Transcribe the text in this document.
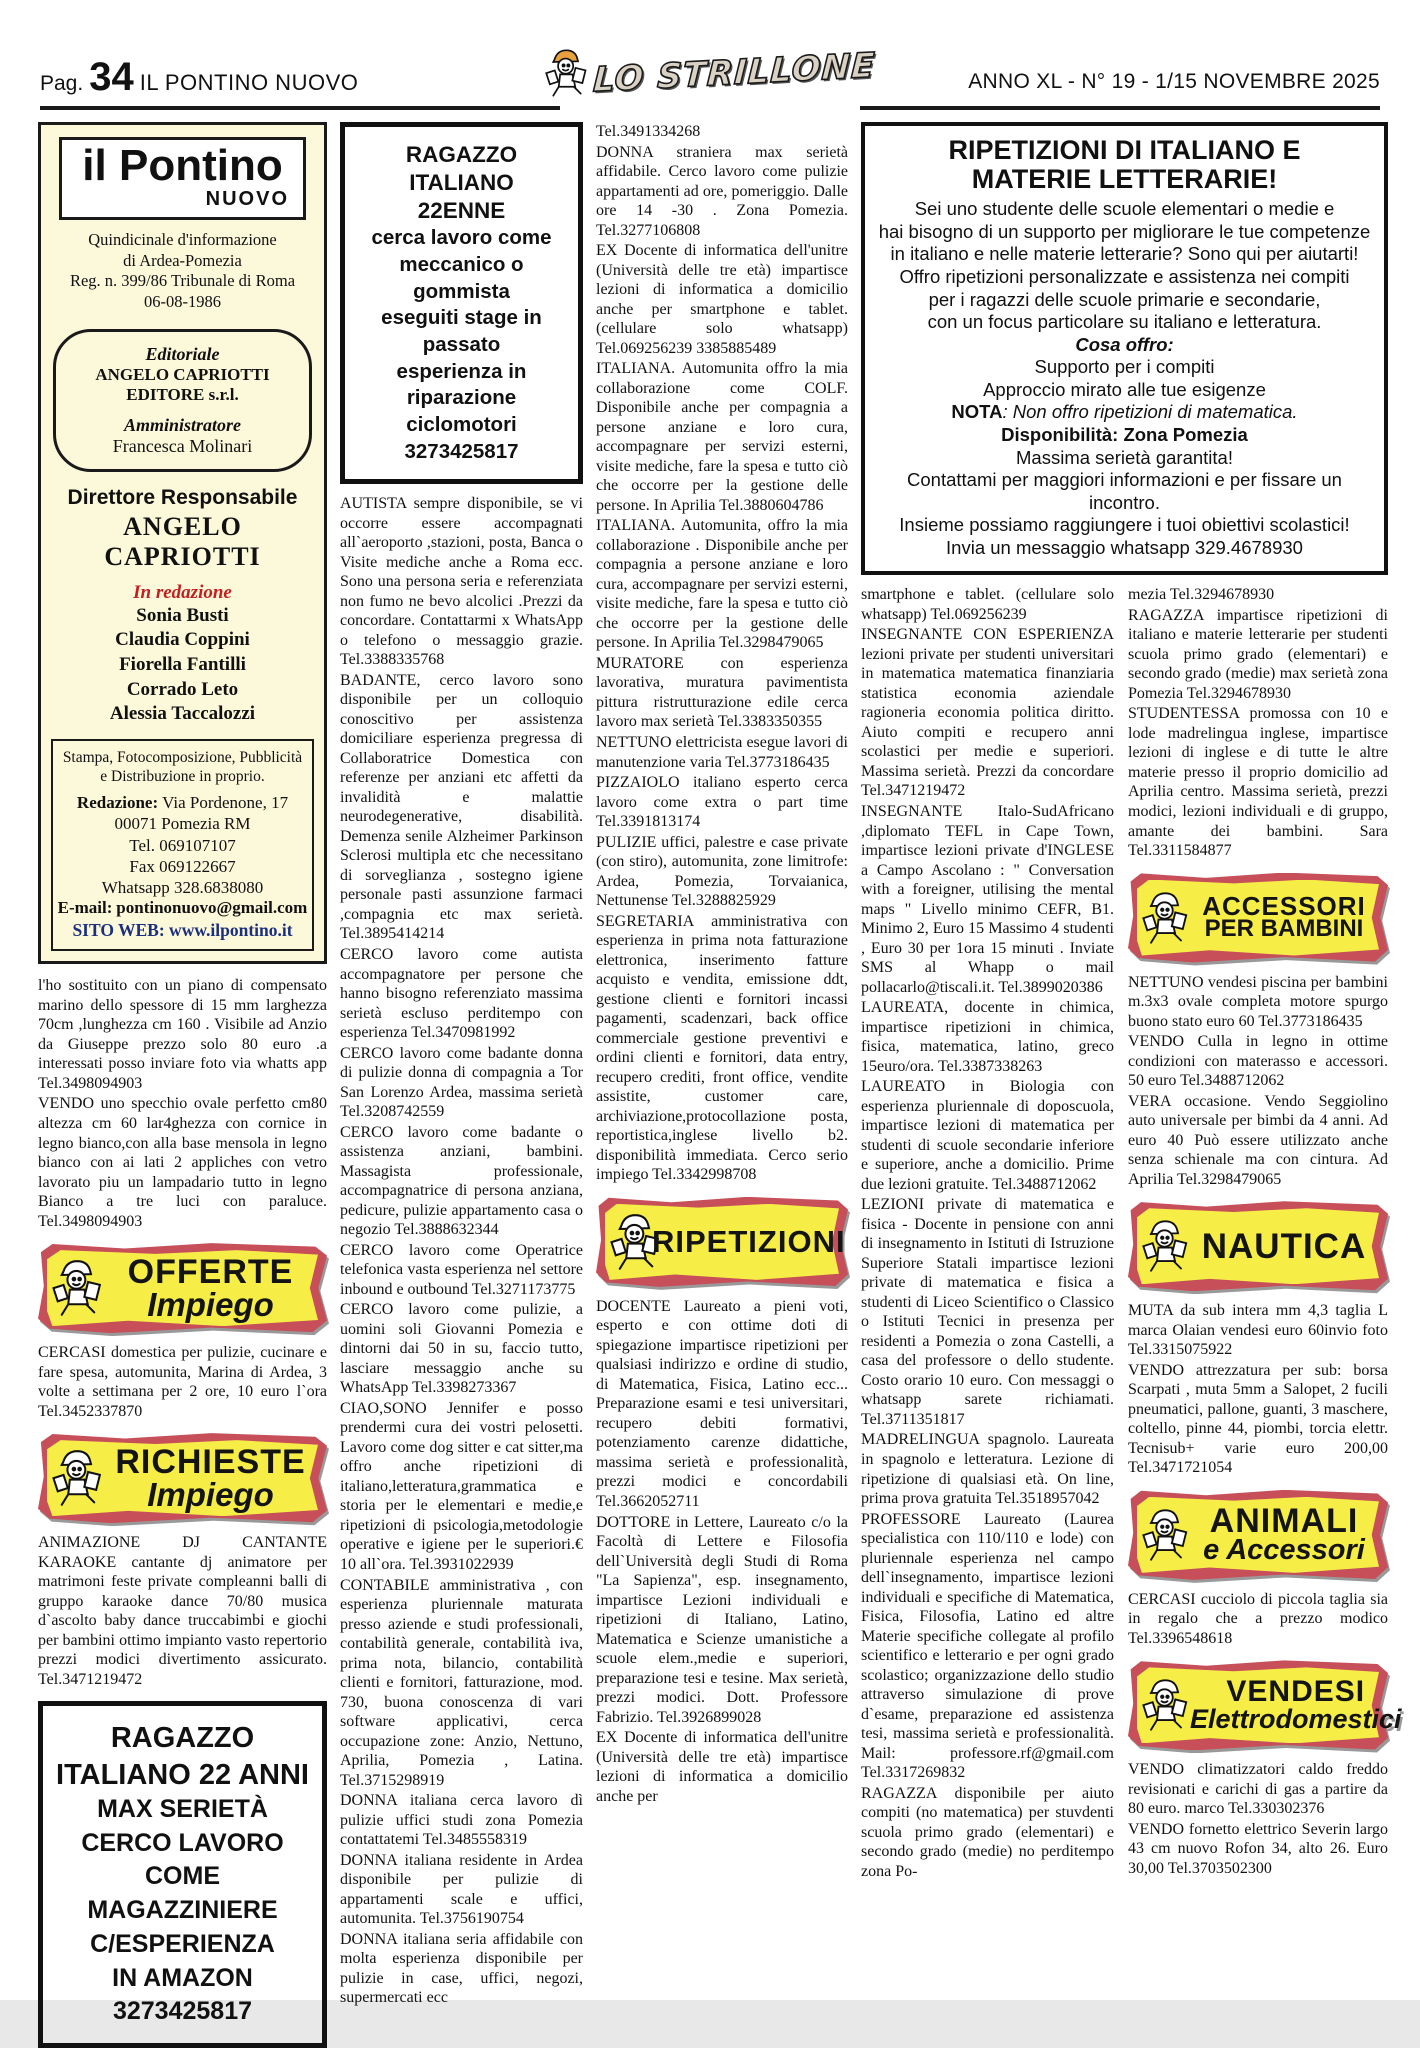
Pag. 34 IL PONTINO NUOVO	LO STRILLONE	ANNO XL - N° 19 - 1/15 NOVEMBRE 2025
il Pontino
NUOVO
Quindicinale d'informazione
di Ardea-Pomezia
Reg. n. 399/86 Tribunale di Roma
06-08-1986
Editoriale
ANGELO CAPRIOTTI EDITORE s.r.l.
Amministratore
Francesca Molinari
Direttore Responsabile
ANGELO CAPRIOTTI
In redazione
Sonia Busti
Claudia Coppini
Fiorella Fantilli
Corrado Leto
Alessia Taccalozzi
Stampa, Fotocomposizione, Pubblicità
e Distribuzione in proprio.
Redazione: Via Pordenone, 17
00071 Pomezia RM
Tel. 069107107
Fax 069122667
Whatsapp 328.6838080
E-mail: pontinonuovo@gmail.com
SITO WEB: www.ilpontino.it

l'ho sostituito con un piano di compensato marino dello spessore di 15 mm larghezza 70cm ,lunghezza cm 160 . Visibile ad Anzio da Giuseppe prezzo solo 80 euro .a interessati posso inviare foto via whatts app Tel.3498094903

VENDO uno specchio ovale perfetto cm80 altezza cm 60 lar4ghezza con cornice in legno bianco,con alla base mensola in legno bianco con ai lati 2 appliches con vetro lavorato piu un lampadario tutto in legno Bianco a tre luci con paraluce. Tel.3498094903

OFFERTE
Impiego

CERCASI domestica per pulizie, cucinare e fare spesa, automunita, Marina di Ardea, 3 volte a settimana per 2 ore, 10 euro l`ora Tel.3452337870

RICHIESTE
Impiego

ANIMAZIONE DJ CANTANTE KARAOKE cantante dj animatore per matrimoni feste private compleanni balli di gruppo karaoke dance 70/80 musica d`ascolto baby dance truccabimbi e giochi per bambini ottimo impianto vasto repertorio prezzi modici divertimento assicurato. Tel.3471219472

RAGAZZO
ITALIANO 22 ANNI
MAX SERIETÀ
CERCO LAVORO COME
MAGAZZINIERE
C/ESPERIENZA
IN AMAZON
3273425817
RAGAZZO ITALIANO
22ENNE
cerca lavoro come
meccanico o gommista
eseguiti stage in passato
esperienza in riparazione
ciclomotori
3273425817

AUTISTA sempre disponibile, se vi occorre essere accompagnati all`aeroporto ,stazioni, posta, Banca o Visite mediche anche a Roma ecc. Sono una persona seria e referenziata non fumo ne bevo alcolici .Prezzi da concordare. Contattarmi x WhatsApp o telefono o messaggio grazie. Tel.3388335768

BADANTE, cerco lavoro sono disponibile per un colloquio conoscitivo per assistenza domiciliare esperienza pregressa di Collaboratrice Domestica con referenze per anziani etc affetti da invalidità e malattie neurodegenerative, disabilità. Demenza senile Alzheimer Parkinson Sclerosi multipla etc che necessitano di sorveglianza , sostegno igiene personale pasti assunzione farmaci ,compagnia etc max serietà. Tel.3895414214

CERCO lavoro come autista accompagnatore per persone che hanno bisogno referenziato massima serietà escluso perditempo con esperienza Tel.3470981992

CERCO lavoro come badante donna di pulizie donna di compagnia a Tor San Lorenzo Ardea, massima serietà Tel.3208742559

CERCO lavoro come badante o assistenza anziani, bambini. Massagista professionale, accompagnatrice di persona anziana, pedicure, pulizie appartamento casa o negozio Tel.3888632344

CERCO lavoro come Operatrice telefonica vasta esperienza nel settore inbound e outbound Tel.3271173775

CERCO lavoro come pulizie, a uomini soli Giovanni Pomezia e dintorni dai 50 in su, faccio tutto, lasciare messaggio anche su WhatsApp Tel.3398273367

CIAO,SONO Jennifer e posso prendermi cura dei vostri pelosetti. Lavoro come dog sitter e cat sitter,ma offro anche ripetizioni di italiano,letteratura,grammatica e storia per le elementari e medie,e ripetizioni di psicologia,metodologie operative e igiene per le superiori.€ 10 all`ora. Tel.3931022939

CONTABILE amministrativa , con esperienza pluriennale maturata presso aziende e studi professionali, contabilità generale, contabilità iva, prima nota, bilancio, contabilità clienti e fornitori, fatturazione, mod. 730, buona conoscenza di vari software applicativi, cerca occupazione zone: Anzio, Nettuno, Aprilia, Pomezia , Latina. Tel.3715298919

DONNA italiana cerca lavoro dì pulizie uffici studi zona Pomezia contattatemi Tel.3485558319

DONNA italiana residente in Ardea disponibile per pulizie di appartamenti scale e uffici, automunita. Tel.3756190754

DONNA italiana seria affidabile con molta esperienza disponibile per pulizie in case, uffici, negozi, supermercati ecc

Tel.3491334268

DONNA straniera max serietà affidabile. Cerco lavoro come pulizie appartamenti ad ore, pomeriggio. Dalle ore 14 -30 . Zona Pomezia. Tel.3277106808

EX Docente di informatica dell'unitre (Università delle tre età) impartisce lezioni di informatica a domicilio anche per smartphone e tablet. (cellulare solo whatsapp) Tel.069256239 3385885489

ITALIANA. Automunita offro la mia collaborazione come COLF. Disponibile anche per compagnia a persone anziane e loro cura, accompagnare per servizi esterni, visite mediche, fare la spesa e tutto ciò che occorre per la gestione delle persone. In Aprilia Tel.3880604786

ITALIANA. Automunita, offro la mia collaborazione . Disponibile anche per compagnia a persone anziane e loro cura, accompagnare per servizi esterni, visite mediche, fare la spesa e tutto ciò che occorre per la gestione delle persone. In Aprilia Tel.3298479065

MURATORE con esperienza lavorativa, muratura pavimentista pittura ristrutturazione edile cerca lavoro max serietà Tel.3383350355

NETTUNO elettricista esegue lavori di manutenzione varia Tel.3773186435

PIZZAIOLO italiano esperto cerca lavoro come extra o part time Tel.3391813174

PULIZIE uffici, palestre e case private (con stiro), automunita, zone limitrofe: Ardea, Pomezia, Torvaianica, Nettunense Tel.3288825929

SEGRETARIA amministrativa con esperienza in prima nota fatturazione elettronica, inserimento fatture acquisto e vendita, emissione ddt, gestione clienti e fornitori incassi pagamenti, scadenzari, back office commerciale gestione preventivi e ordini clienti e fornitori, data entry, recupero crediti, front office, vendite assistite, customer care, archiviazione,protocollazione posta, reportistica,inglese livello b2. disponibilità immediata. Cerco serio impiego Tel.3342998708

RIPETIZIONI

DOCENTE Laureato a pieni voti, esperto e con ottime doti di spiegazione impartisce ripetizioni per qualsiasi indirizzo e ordine di studio, di Matematica, Fisica, Latino ecc... Preparazione esami e tesi universitari, recupero debiti formativi, potenziamento carenze didattiche, massima serietà e professionalità, prezzi modici e concordabili Tel.3662052711

DOTTORE in Lettere, Laureato c/o la Facoltà di Lettere e Filosofia dell`Università degli Studi di Roma "La Sapienza", esp. insegnamento, impartisce Lezioni individuali e ripetizioni di Italiano, Latino, Matematica e Scienze umanistiche a scuole elem.,medie e superiori, preparazione tesi e tesine. Max serietà, prezzi modici. Dott. Professore Fabrizio. Tel.3926899028

EX Docente di informatica dell'unitre (Università delle tre età) impartisce lezioni di informatica a domicilio anche per

RIPETIZIONI DI ITALIANO E
MATERIE LETTERARIE!
Sei uno studente delle scuole elementari o medie e
hai bisogno di un supporto per migliorare le tue competenze
in italiano e nelle materie letterarie? Sono qui per aiutarti!
Offro ripetizioni personalizzate e assistenza nei compiti
per i ragazzi delle scuole primarie e secondarie,
con un focus particolare su italiano e letteratura.
Cosa offro:
Supporto per i compiti
Approccio mirato alle tue esigenze
NOTA: Non offro ripetizioni di matematica.
Disponibilità: Zona Pomezia
Massima serietà garantita!
Contattami per maggiori informazioni e per fissare un incontro.
Insieme possiamo raggiungere i tuoi obiettivi scolastici!
Invia un messaggio whatsapp 329.4678930

smartphone e tablet. (cellulare solo whatsapp) Tel.069256239

INSEGNANTE CON ESPERIENZA lezioni private per studenti universitari in matematica matematica finanziaria statistica economia aziendale ragioneria economia politica diritto. Aiuto compiti e recupero anni scolastici per medie e superiori. Massima serietà. Prezzi da concordare Tel.3471219472

INSEGNANTE Italo-SudAfricano ,diplomato TEFL in Cape Town, impartisce lezioni private d'INGLESE a Campo Ascolano : " Conversation with a foreigner, utilising the mental maps " Livello minimo CEFR, B1. Minimo 2, Euro 15 Massimo 4 studenti , Euro 30 per 1ora 15 minuti . Inviate SMS al Whapp o mail pollacarlo@tiscali.it. Tel.3899020386

LAUREATA, docente in chimica, impartisce ripetizioni in chimica, fisica, matematica, latino, greco 15euro/ora. Tel.3387338263

LAUREATO in Biologia con esperienza pluriennale di doposcuola, impartisce lezioni di matematica per studenti di scuole secondarie inferiore e superiore, anche a domicilio. Prime due lezioni gratuite. Tel.3488712062

LEZIONI private di matematica e fisica - Docente in pensione con anni di insegnamento in Istituti di Istruzione Superiore Statali impartisce lezioni private di matematica e fisica a studenti di Liceo Scientifico o Classico o Istituti Tecnici in presenza per residenti a Pomezia o zona Castelli, a casa del professore o dello studente. Costo orario 10 euro. Con messaggi o whatsapp sarete richiamati. Tel.3711351817

MADRELINGUA spagnolo. Laureata in spagnolo e letteratura. Lezione di ripetizione di qualsiasi età. On line, prima prova gratuita Tel.3518957042

PROFESSORE Laureato (Laurea specialistica con 110/110 e lode) con pluriennale esperienza nel campo dell`insegnamento, impartisce lezioni individuali e specifiche di Matematica, Fisica, Filosofia, Latino ed altre Materie specifiche collegate al profilo scientifico e letterario e per ogni grado scolastico; organizzazione dello studio attraverso simulazione di prove d`esame, preparazione ed assistenza tesi, massima serietà e professionalità. Mail: professore.rf@gmail.com Tel.3317269832

RAGAZZA disponibile per aiuto compiti (no matematica) per stuvdenti scuola primo grado (elementari) e secondo grado (medie) no perditempo zona Po-

mezia Tel.3294678930

RAGAZZA impartisce ripetizioni di italiano e materie letterarie per studenti scuola primo grado (elementari) e secondo grado (medie) max serietà zona Pomezia Tel.3294678930

STUDENTESSA promossa con 10 e lode madrelingua inglese, impartisce lezioni di inglese e di tutte le altre materie presso il proprio domicilio ad Aprilia centro. Massima serietà, prezzi modici, lezioni individuali e di gruppo, amante dei bambini. Sara Tel.3311584877

ACCESSORI
PER BAMBINI

NETTUNO vendesi piscina per bambini m.3x3 ovale completa motore spurgo buono stato euro 60 Tel.3773186435

VENDO Culla in legno in ottime condizioni con materasso e accessori. 50 euro Tel.3488712062

VERA occasione. Vendo Seggiolino auto universale per bimbi da 4 anni. Ad euro 40 Può essere utilizzato anche senza schienale ma con cintura. Ad Aprilia Tel.3298479065

NAUTICA

MUTA da sub intera mm 4,3 taglia L marca Olaian vendesi euro 60invio foto Tel.3315075922

VENDO attrezzatura per sub: borsa Scarpati , muta 5mm a Salopet, 2 fucili pneumatici, pallone, guanti, 3 maschere, coltello, pinne 44, piombi, torcia elettr. Tecnisub+ varie euro 200,00 Tel.3471721054

ANIMALI
e Accessori

CERCASI cucciolo di piccola taglia sia in regalo che a prezzo modico Tel.3396548618

VENDESI
Elettrodomestici

VENDO climatizzatori caldo freddo revisionati e carichi di gas a partire da 80 euro. marco Tel.330302376

VENDO fornetto elettrico Severin largo 43 cm nuovo Rofon 34, alto 26. Euro 30,00 Tel.3703502300
